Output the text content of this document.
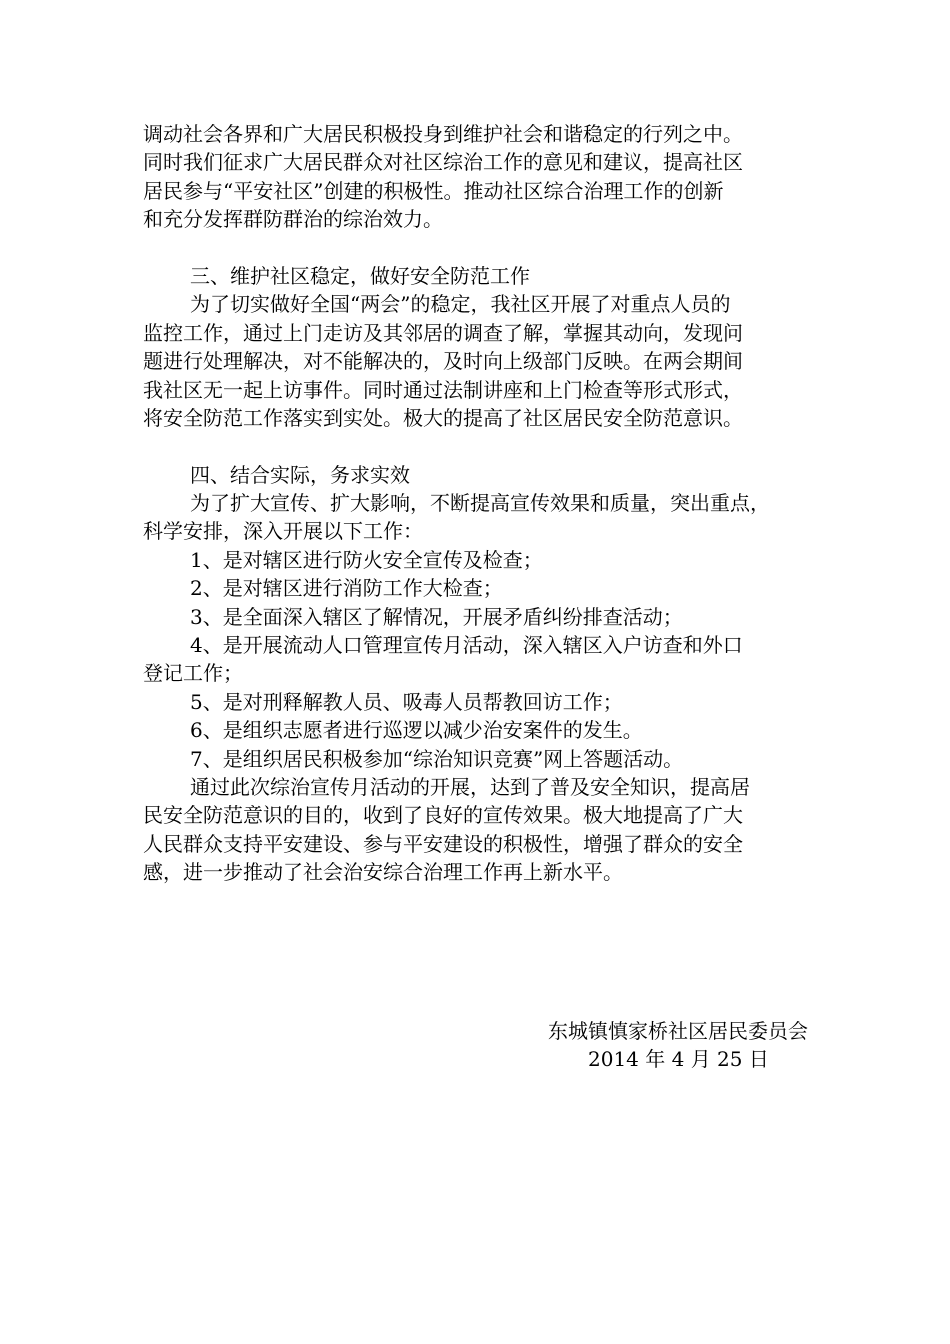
调动社会各界和广大居民积极投身到维护社会和谐稳定的行列之中。
同时我们征求广大居民群众对社区综治工作的意见和建议，提高社区
居民参与“平安社区”创建的积极性。推动社区综合治理工作的创新
和充分发挥群防群治的综治效力。
三、维护社区稳定，做好安全防范工作
为了切实做好全国“两会”的稳定，我社区开展了对重点人员的
监控工作，通过上门走访及其邻居的调查了解，掌握其动向，发现问
题进行处理解决，对不能解决的，及时向上级部门反映。在两会期间
我社区无一起上访事件。同时通过法制讲座和上门检查等形式形式，
将安全防范工作落实到实处。极大的提高了社区居民安全防范意识。
四、结合实际，务求实效
为了扩大宣传、扩大影响，不断提高宣传效果和质量，突出重点，
科学安排，深入开展以下工作：
1、是对辖区进行防火安全宣传及检查；
2、是对辖区进行消防工作大检查；
3、是全面深入辖区了解情况，开展矛盾纠纷排查活动；
4、是开展流动人口管理宣传月活动，深入辖区入户访查和外口
登记工作；
5、是对刑释解教人员、吸毒人员帮教回访工作；
6、是组织志愿者进行巡逻以减少治安案件的发生。
7、是组织居民积极参加“综治知识竞赛”网上答题活动。
通过此次综治宣传月活动的开展，达到了普及安全知识，提高居
民安全防范意识的目的，收到了良好的宣传效果。极大地提高了广大
人民群众支持平安建设、参与平安建设的积极性，增强了群众的安全
感，进一步推动了社会治安综合治理工作再上新水平。
东城镇慎家桥社区居民委员会
2014 年 4 月 25 日
